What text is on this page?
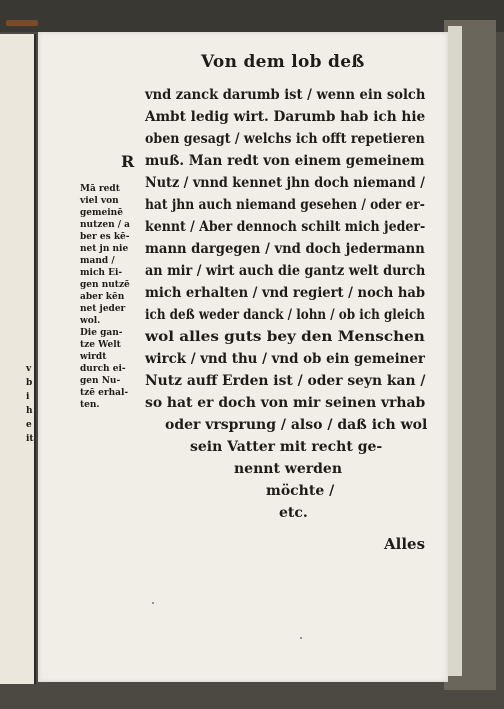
v
b
i
h
e
it
Von dem lob deß
R
vnd zanck darumb ist / wenn ein solch
Ambt ledig wirt. Darumb hab ich hie
oben gesagt / welchs ich offt repetieren
muß. Man redt von einem gemeinem
Nutz / vnnd kennet jhn doch niemand /
hat jhn auch niemand gesehen / oder er-
kennt / Aber dennoch schilt mich jeder-
mann dargegen / vnd doch jedermann
an mir / wirt auch die gantz welt durch
mich erhalten / vnd regiert / noch hab
ich deß weder danck / lohn / ob ich gleich
wol alles guts bey den Menschen
wirck / vnd thu / vnd ob ein gemeiner
Nutz auff Erden ist / oder seyn kan /
so hat er doch von mir seinen vrhab
oder vrsprung / also / daß ich wol
sein Vatter mit recht ge-
nennt werden
möchte /
etc.
Mā redt
viel von
gemeinē
nutzen / a
ber es kē-
net jn nie
mand /
mich Ei-
gen nutzē
aber kēn
net jeder
wol.
Die gan-
tze Welt
wirdt
durch ei-
gen Nu-
tzē erhal-
ten.
Alles
